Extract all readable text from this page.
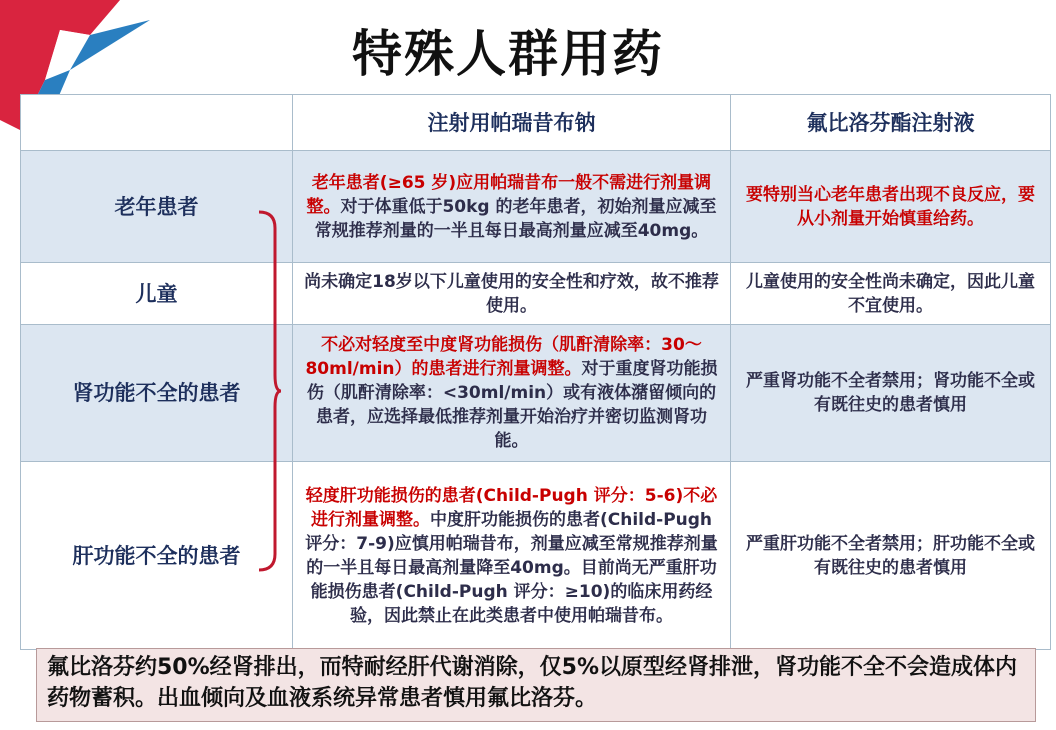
特殊人群用药
	注射用帕瑞昔布钠	氟比洛芬酯注射液
老年患者	老年患者(≥65 岁)应用帕瑞昔布一般不需进行剂量调整。对于体重低于50kg 的老年患者，初始剂量应减至常规推荐剂量的一半且每日最高剂量应减至40mg。	要特别当心老年患者出现不良反应，要从小剂量开始慎重给药。
儿童	尚未确定18岁以下儿童使用的安全性和疗效，故不推荐使用。	儿童使用的安全性尚未确定，因此儿童不宜使用。
肾功能不全的患者	不必对轻度至中度肾功能损伤（肌酐清除率：30～80ml/min）的患者进行剂量调整。对于重度肾功能损伤（肌酐清除率：<30ml/min）或有液体潴留倾向的患者，应选择最低推荐剂量开始治疗并密切监测肾功能。	严重肾功能不全者禁用；肾功能不全或有既往史的患者慎用
肝功能不全的患者	轻度肝功能损伤的患者(Child-Pugh 评分：5-6)不必进行剂量调整。中度肝功能损伤的患者(Child-Pugh 评分：7-9)应慎用帕瑞昔布，剂量应减至常规推荐剂量的一半且每日最高剂量降至40mg。目前尚无严重肝功能损伤患者(Child-Pugh 评分：≥10)的临床用药经验，因此禁止在此类患者中使用帕瑞昔布。	严重肝功能不全者禁用；肝功能不全或有既往史的患者慎用
氟比洛芬约50%经肾排出，而特耐经肝代谢消除，仅5%以原型经肾排泄，肾功能不全不会造成体内药物蓄积。出血倾向及血液系统异常患者慎用氟比洛芬。
